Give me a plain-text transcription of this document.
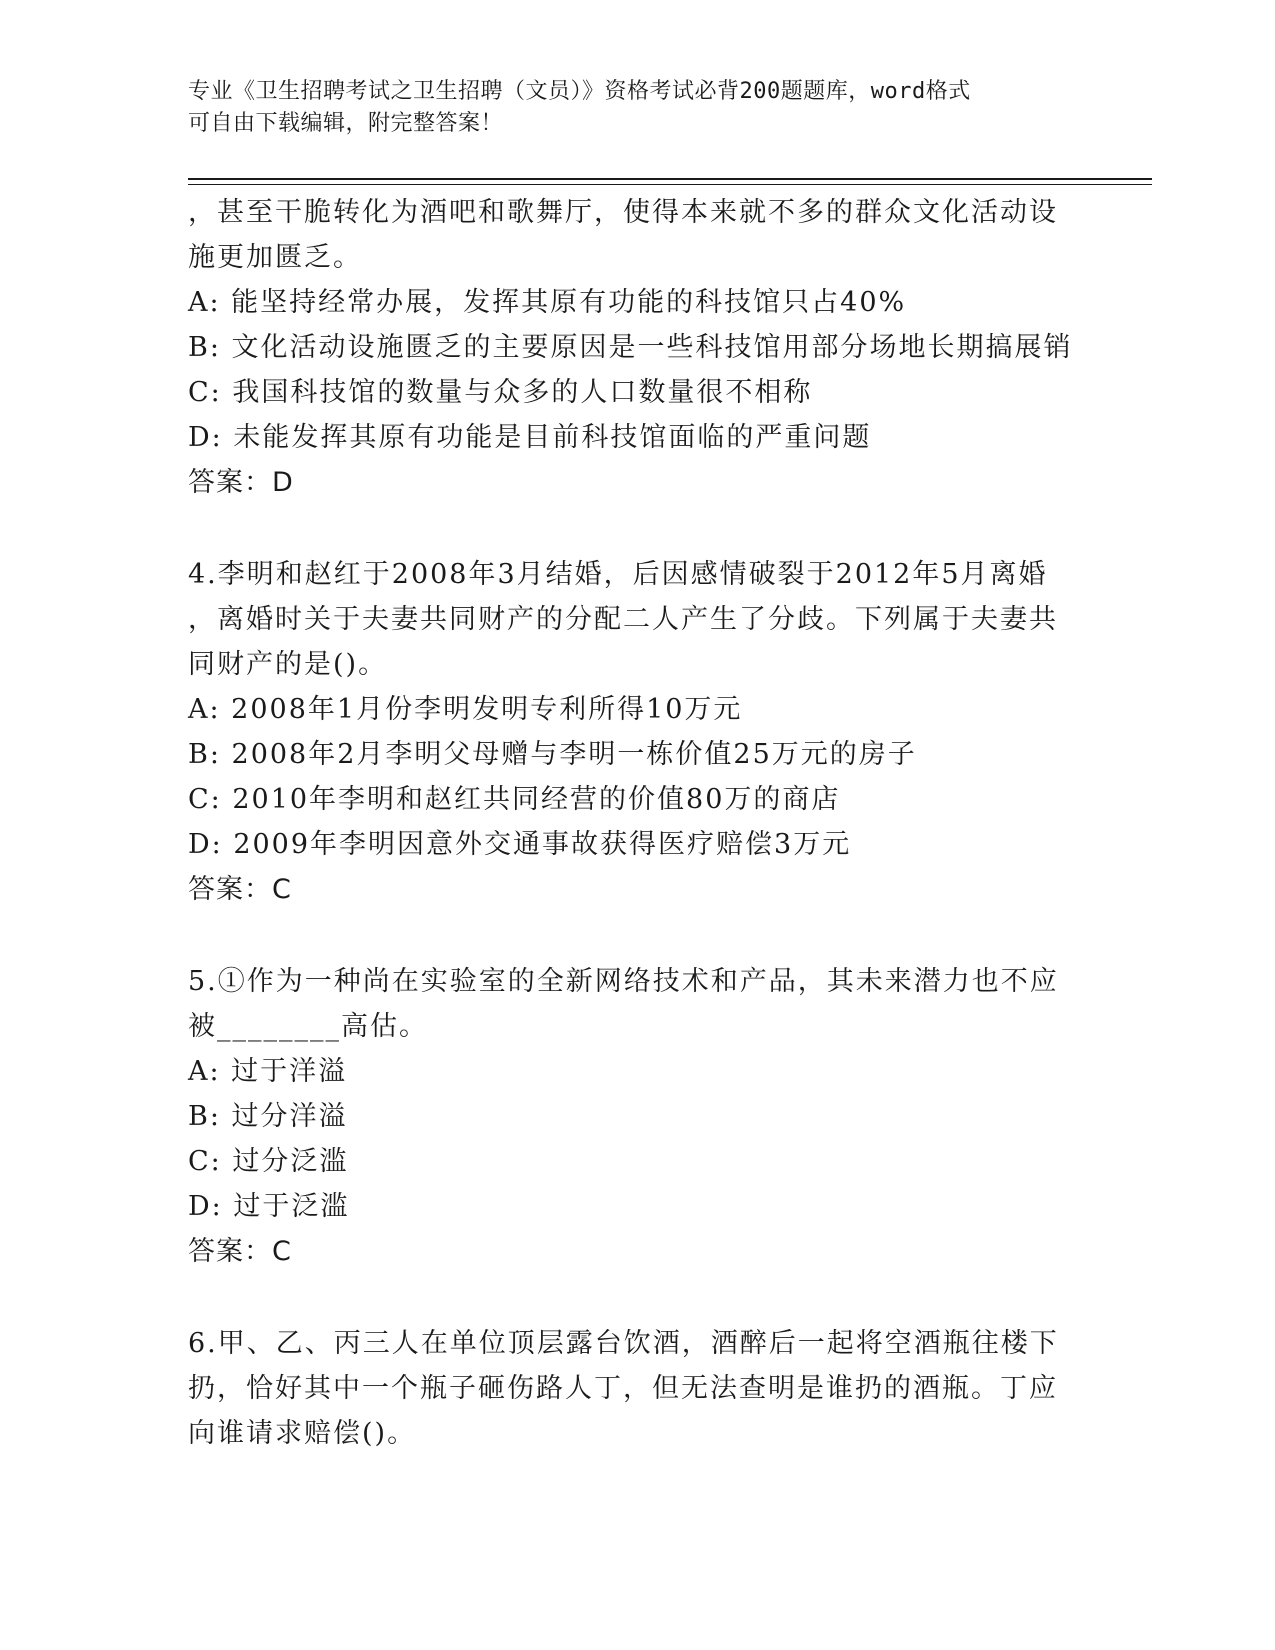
专业《卫生招聘考试之卫生招聘（文员）》资格考试必背200题题库，word格式
可自由下载编辑，附完整答案！
，甚至干脆转化为酒吧和歌舞厅，使得本来就不多的群众文化活动设
施更加匮乏。
A: 能坚持经常办展，发挥其原有功能的科技馆只占40%
B: 文化活动设施匮乏的主要原因是一些科技馆用部分场地长期搞展销
C: 我国科技馆的数量与众多的人口数量很不相称
D: 未能发挥其原有功能是目前科技馆面临的严重问题
答案：D
4.李明和赵红于2008年3月结婚，后因感情破裂于2012年5月离婚
，离婚时关于夫妻共同财产的分配二人产生了分歧。下列属于夫妻共
同财产的是()。
A: 2008年1月份李明发明专利所得10万元
B: 2008年2月李明父母赠与李明一栋价值25万元的房子
C: 2010年李明和赵红共同经营的价值80万的商店
D: 2009年李明因意外交通事故获得医疗赔偿3万元
答案：C
5.①作为一种尚在实验室的全新网络技术和产品，其未来潜力也不应
被________高估。
A: 过于洋溢
B: 过分洋溢
C: 过分泛滥
D: 过于泛滥
答案：C
6.甲、乙、丙三人在单位顶层露台饮酒，酒醉后一起将空酒瓶往楼下
扔，恰好其中一个瓶子砸伤路人丁，但无法查明是谁扔的酒瓶。丁应
向谁请求赔偿()。
